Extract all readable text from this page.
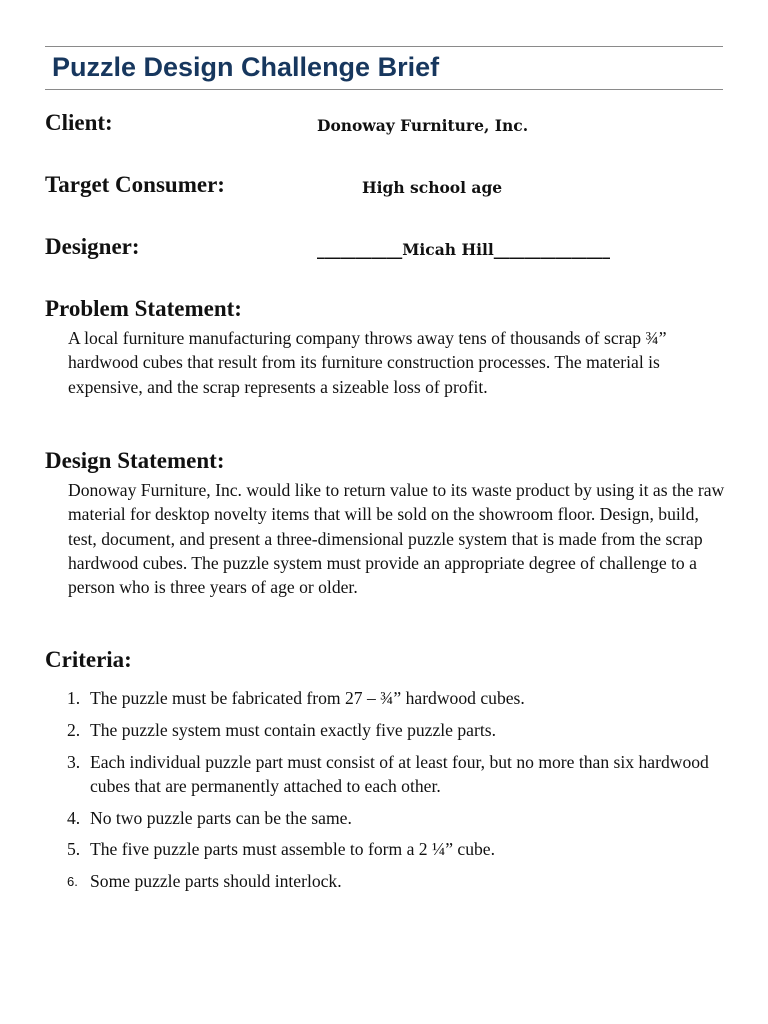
Puzzle Design Challenge Brief
Client:	Donoway Furniture, Inc.
Target Consumer:	High school age
Designer:	___________Micah Hill_______________
Problem Statement:

A local furniture manufacturing company throws away tens of thousands of scrap ¾” hardwood cubes that result from its furniture construction processes. The material is expensive, and the scrap represents a sizeable loss of profit.

Design Statement:

Donoway Furniture, Inc. would like to return value to its waste product by using it as the raw material for desktop novelty items that will be sold on the showroom floor. Design, build, test, document, and present a three-dimensional puzzle system that is made from the scrap hardwood cubes. The puzzle system must provide an appropriate degree of challenge to a person who is three years of age or older.

Criteria:
1. The puzzle must be fabricated from 27 – ¾” hardwood cubes.
2. The puzzle system must contain exactly five puzzle parts.
3. Each individual puzzle part must consist of at least four, but no more than six hardwood cubes that are permanently attached to each other.
4. No two puzzle parts can be the same.
5. The five puzzle parts must assemble to form a 2 ¼” cube.
6. Some puzzle parts should interlock.
